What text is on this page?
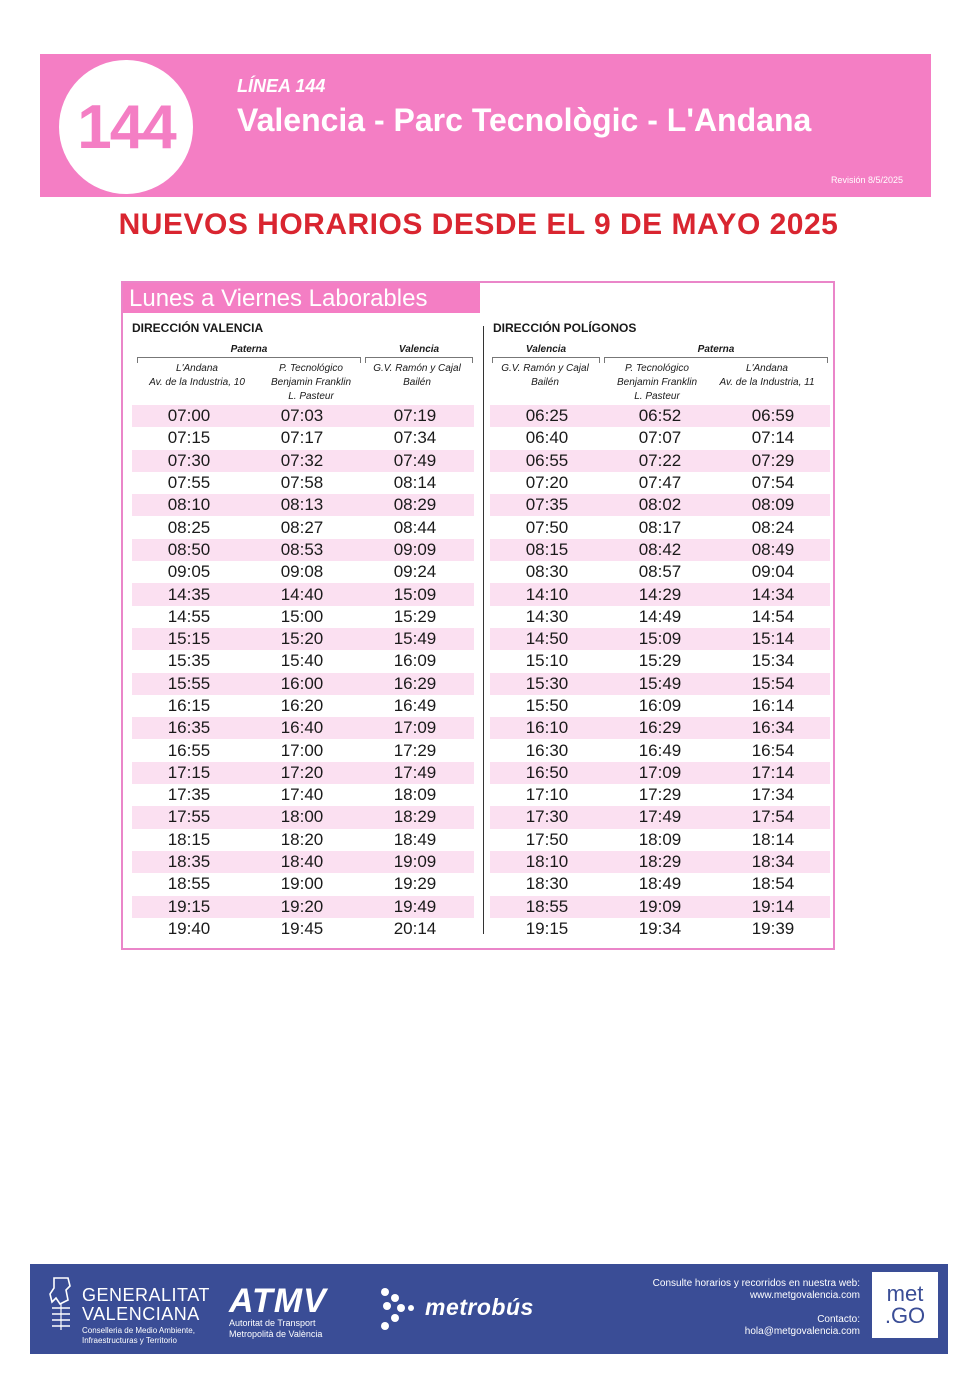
144
LÍNEA 144
Valencia - Parc Tecnològic - L'Andana
Revisión 8/5/2025
NUEVOS HORARIOS DESDE EL 9 DE MAYO 2025
Lunes a Viernes Laborables
DIRECCIÓN VALENCIA
Paterna	Valencia
L'Andana
Av. de la Industria, 10
P. Tecnológico
Benjamin Franklin
L. Pasteur
G.V. Ramón y Cajal
Bailén
DIRECCIÓN POLÍGONOS
Valencia	Paterna
G.V. Ramón y Cajal
Bailén
P. Tecnológico
Benjamin Franklin
L. Pasteur
L'Andana
Av. de la Industria, 11
07:00	07:03	07:19
07:15	07:17	07:34
07:30	07:32	07:49
07:55	07:58	08:14
08:10	08:13	08:29
08:25	08:27	08:44
08:50	08:53	09:09
09:05	09:08	09:24
14:35	14:40	15:09
14:55	15:00	15:29
15:15	15:20	15:49
15:35	15:40	16:09
15:55	16:00	16:29
16:15	16:20	16:49
16:35	16:40	17:09
16:55	17:00	17:29
17:15	17:20	17:49
17:35	17:40	18:09
17:55	18:00	18:29
18:15	18:20	18:49
18:35	18:40	19:09
18:55	19:00	19:29
19:15	19:20	19:49
19:40	19:45	20:14
06:25	06:52	06:59
06:40	07:07	07:14
06:55	07:22	07:29
07:20	07:47	07:54
07:35	08:02	08:09
07:50	08:17	08:24
08:15	08:42	08:49
08:30	08:57	09:04
14:10	14:29	14:34
14:30	14:49	14:54
14:50	15:09	15:14
15:10	15:29	15:34
15:30	15:49	15:54
15:50	16:09	16:14
16:10	16:29	16:34
16:30	16:49	16:54
16:50	17:09	17:14
17:10	17:29	17:34
17:30	17:49	17:54
17:50	18:09	18:14
18:10	18:29	18:34
18:30	18:49	18:54
18:55	19:09	19:14
19:15	19:34	19:39
GENERALITAT
VALENCIANA
Conselleria de Medio Ambiente,
Infraestructuras y Territorio
ATMV
Autoritat de Transport
Metropolità de València
metrobús
Consulte horarios y recorridos en nuestra web:
www.metgovalencia.com
Contacto:
hola@metgovalencia.com
met
.GO
